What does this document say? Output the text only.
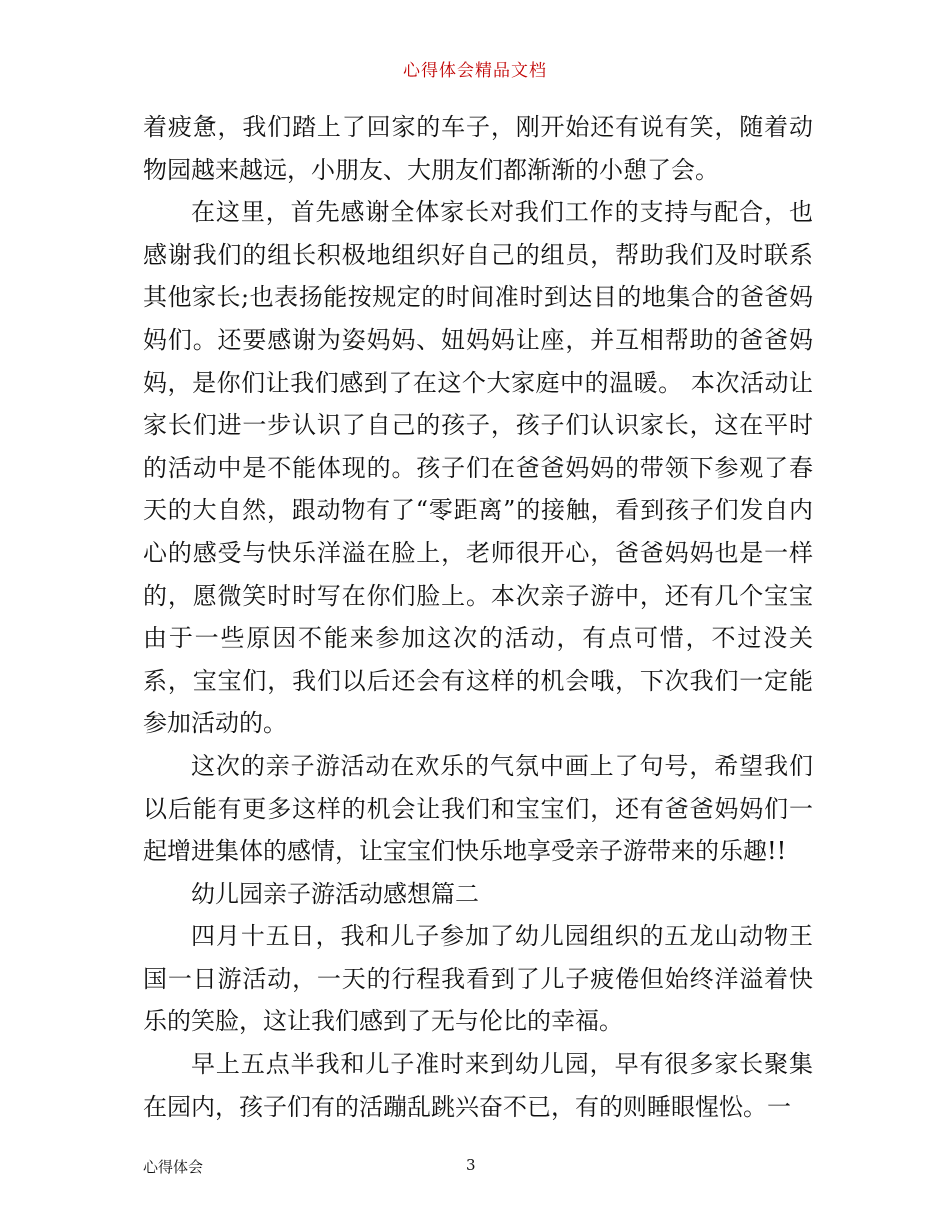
心得体会精品文档

着疲惫，我们踏上了回家的车子，刚开始还有说有笑，随着动物园越来越远，小朋友、大朋友们都渐渐的小憩了会。

在这里，首先感谢全体家长对我们工作的支持与配合，也感谢我们的组长积极地组织好自己的组员，帮助我们及时联系其他家长;也表扬能按规定的时间准时到达目的地集合的爸爸妈妈们。还要感谢为姿妈妈、妞妈妈让座，并互相帮助的爸爸妈妈，是你们让我们感到了在这个大家庭中的温暖。 本次活动让家长们进一步认识了自己的孩子，孩子们认识家长，这在平时的活动中是不能体现的。孩子们在爸爸妈妈的带领下参观了春天的大自然，跟动物有了“零距离”的接触，看到孩子们发自内心的感受与快乐洋溢在脸上，老师很开心，爸爸妈妈也是一样的，愿微笑时时写在你们脸上。本次亲子游中，还有几个宝宝由于一些原因不能来参加这次的活动，有点可惜，不过没关系，宝宝们，我们以后还会有这样的机会哦，下次我们一定能参加活动的。

这次的亲子游活动在欢乐的气氛中画上了句号，希望我们以后能有更多这样的机会让我们和宝宝们，还有爸爸妈妈们一起增进集体的感情，让宝宝们快乐地享受亲子游带来的乐趣!!

幼儿园亲子游活动感想篇二

四月十五日，我和儿子参加了幼儿园组织的五龙山动物王国一日游活动，一天的行程我看到了儿子疲倦但始终洋溢着快乐的笑脸，这让我们感到了无与伦比的幸福。

早上五点半我和儿子准时来到幼儿园，早有很多家长聚集在园内，孩子们有的活蹦乱跳兴奋不已，有的则睡眼惺忪。一

心得体会	3
